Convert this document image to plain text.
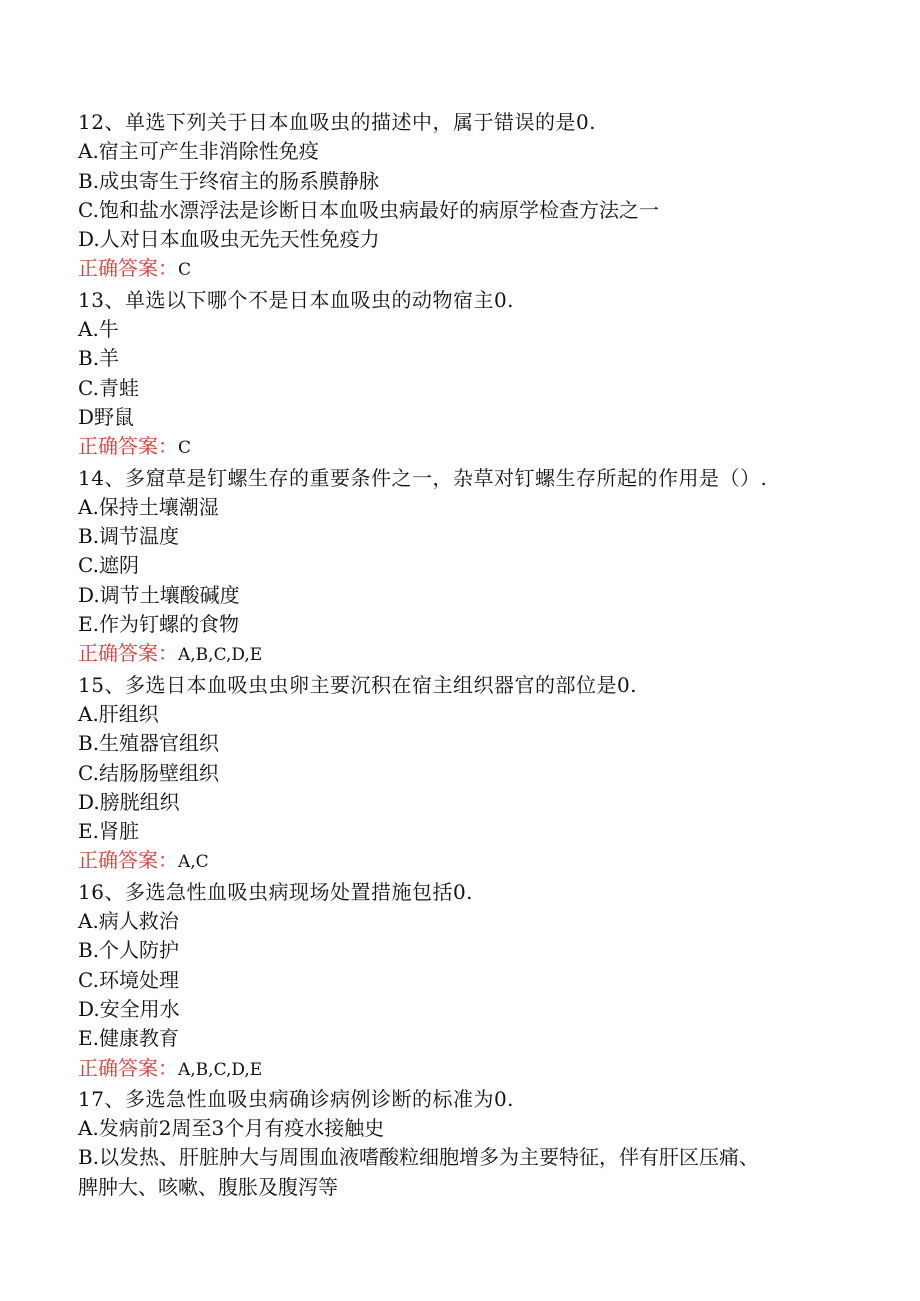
12、单选下列关于日本血吸虫的描述中，属于错误的是0.
A.宿主可产生非消除性免疫
B.成虫寄生于终宿主的肠系膜静脉
C.饱和盐水漂浮法是诊断日本血吸虫病最好的病原学检查方法之一
D.人对日本血吸虫无先天性免疫力
正确答案：C
13、单选以下哪个不是日本血吸虫的动物宿主0.
A.牛
B.羊
C.青蛙
D野鼠
正确答案：C
14、多窟草是钉螺生存的重要条件之一，杂草对钉螺生存所起的作用是（）.
A.保持土壤潮湿
B.调节温度
C.遮阴
D.调节土壤酸碱度
E.作为钉螺的食物
正确答案：A,B,C,D,E
15、多选日本血吸虫虫卵主要沉积在宿主组织器官的部位是0.
A.肝组织
B.生殖器官组织
C.结肠肠壁组织
D.膀胱组织
E.肾脏
正确答案：A,C
16、多选急性血吸虫病现场处置措施包括0.
A.病人救治
B.个人防护
C.环境处理
D.安全用水
E.健康教育
正确答案：A,B,C,D,E
17、多选急性血吸虫病确诊病例诊断的标准为0.
A.发病前2周至3个月有疫水接触史
B.以发热、肝脏肿大与周围血液嗜酸粒细胞增多为主要特征，伴有肝区压痛、
脾肿大、咳嗽、腹胀及腹泻等
